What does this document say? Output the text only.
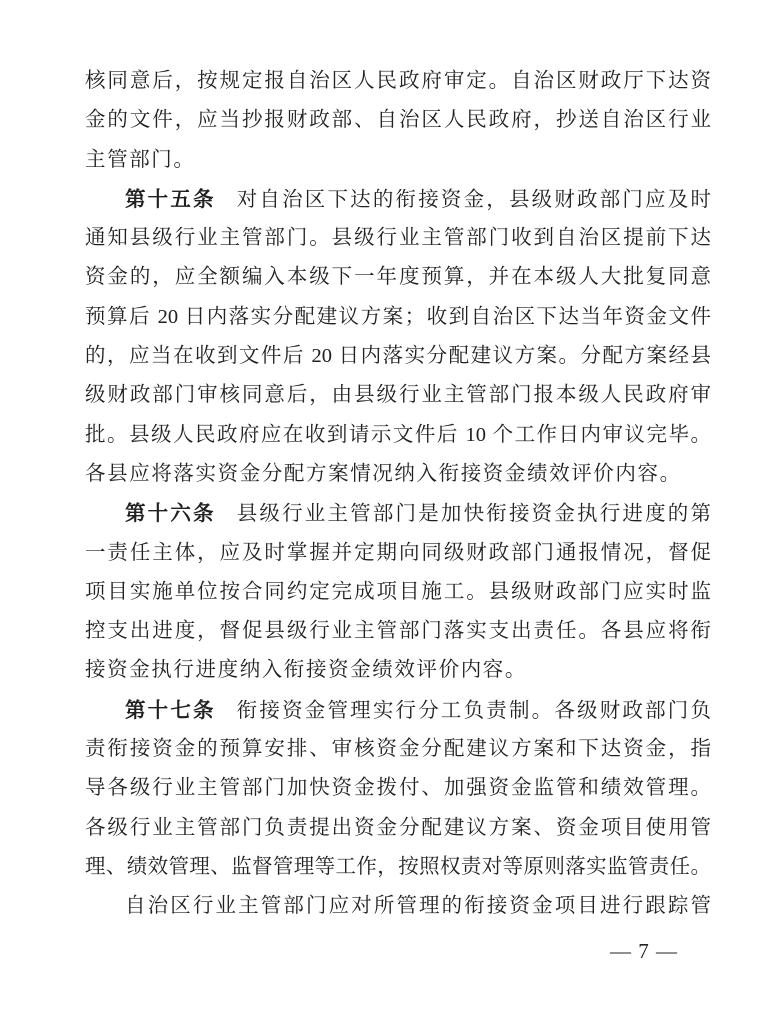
核同意后，按规定报自治区人民政府审定。自治区财政厅下达资
金的文件，应当抄报财政部、自治区人民政府，抄送自治区行业
主管部门。
第十五条 对自治区下达的衔接资金，县级财政部门应及时
通知县级行业主管部门。县级行业主管部门收到自治区提前下达
资金的，应全额编入本级下一年度预算，并在本级人大批复同意
预算后 20 日内落实分配建议方案；收到自治区下达当年资金文件
的，应当在收到文件后 20 日内落实分配建议方案。分配方案经县
级财政部门审核同意后，由县级行业主管部门报本级人民政府审
批。县级人民政府应在收到请示文件后 10 个工作日内审议完毕。
各县应将落实资金分配方案情况纳入衔接资金绩效评价内容。
第十六条 县级行业主管部门是加快衔接资金执行进度的第
一责任主体，应及时掌握并定期向同级财政部门通报情况，督促
项目实施单位按合同约定完成项目施工。县级财政部门应实时监
控支出进度，督促县级行业主管部门落实支出责任。各县应将衔
接资金执行进度纳入衔接资金绩效评价内容。
第十七条 衔接资金管理实行分工负责制。各级财政部门负
责衔接资金的预算安排、审核资金分配建议方案和下达资金，指
导各级行业主管部门加快资金拨付、加强资金监管和绩效管理。
各级行业主管部门负责提出资金分配建议方案、资金项目使用管
理、绩效管理、监督管理等工作，按照权责对等原则落实监管责任。
自治区行业主管部门应对所管理的衔接资金项目进行跟踪管
— 7 —
